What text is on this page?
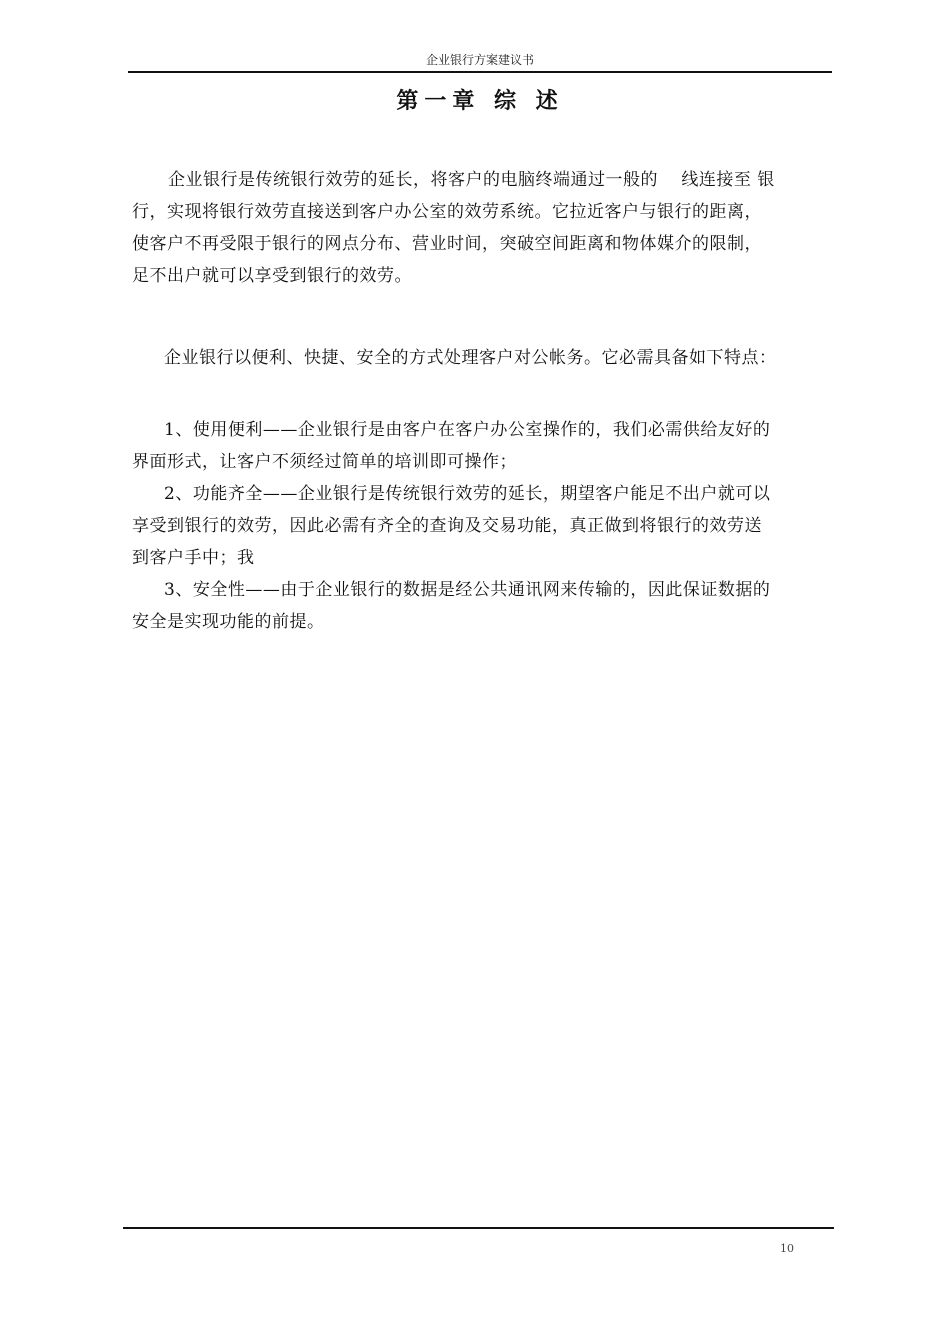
企业银行方案建议书
第一章 综 述
企业银行是传统银行效劳的延长，将客户的电脑终端通过一般的　 线连接至 银
行，实现将银行效劳直接送到客户办公室的效劳系统。它拉近客户与银行的距离，
使客户不再受限于银行的网点分布、营业时间，突破空间距离和物体媒介的限制，
足不出户就可以享受到银行的效劳。
企业银行以便利、快捷、安全的方式处理客户对公帐务。它必需具备如下特点：
1、使用便利——企业银行是由客户在客户办公室操作的，我们必需供给友好的
界面形式，让客户不须经过简单的培训即可操作；
2、功能齐全——企业银行是传统银行效劳的延长，期望客户能足不出户就可以
享受到银行的效劳，因此必需有齐全的查询及交易功能，真正做到将银行的效劳送
到客户手中；我
3、安全性——由于企业银行的数据是经公共通讯网来传输的，因此保证数据的
安全是实现功能的前提。
10
